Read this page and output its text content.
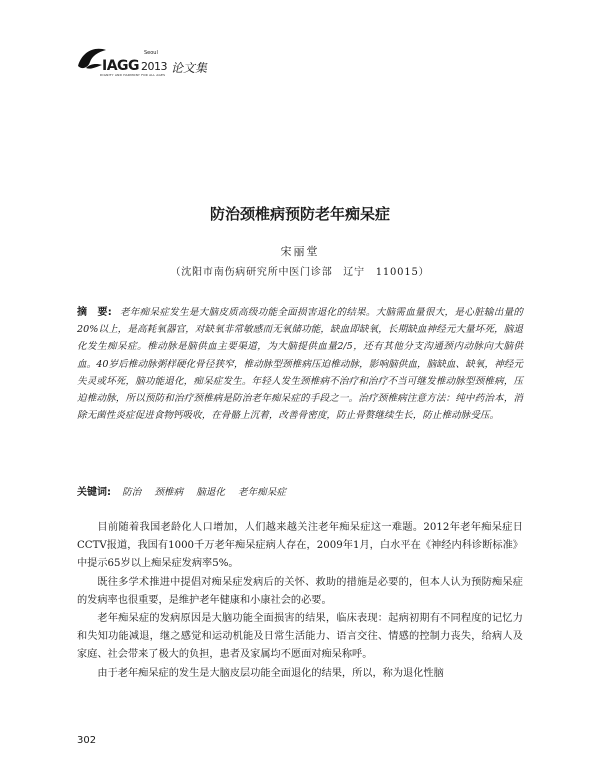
Seoul
IAGG 2013
DIGNITY AND HARMONY FOR ALL AGES 论文集
防治颈椎病预防老年痴呆症
宋丽堂
（沈阳市南伤病研究所中医门诊部　辽宁　110015）
摘　要: 老年痴呆症发生是大脑皮质高级功能全面损害退化的结果。大脑需血量很大，是心脏输出量的20%以上，是高耗氧器官，对缺氧非常敏感而无氧储功能，缺血即缺氧，长期缺血神经元大量坏死，脑退化发生痴呆症。椎动脉是脑供血主要渠道，为大脑提供血量2/5，还有其他分支沟通颈内动脉向大脑供血。40岁后椎动脉粥样硬化骨径狭窄，椎动脉型颈椎病压迫椎动脉，影响脑供血，脑缺血、缺氧，神经元失灵或坏死，脑功能退化，痴呆症发生。年轻人发生颈椎病不治疗和治疗不当可继发椎动脉型颈椎病，压迫椎动脉，所以预防和治疗颈椎病是防治老年痴呆症的手段之一。治疗颈椎病注意方法：纯中药治本，消除无菌性炎症促进食物钙吸收，在骨骼上沉着，改善骨密度，防止骨赘继续生长，防止椎动脉受压。
关键词: 防治 颈椎病 脑退化 老年痴呆症

目前随着我国老龄化人口增加，人们越来越关注老年痴呆症这一难题。2012年老年痴呆症日CCTV报道，我国有1000千万老年痴呆症病人存在，2009年1月，白水平在《神经内科诊断标准》中提示65岁以上痴呆症发病率5%。

既往多学术推进中提倡对痴呆症发病后的关怀、救助的措施是必要的，但本人认为预防痴呆症的发病率也很重要，是维护老年健康和小康社会的必要。

老年痴呆症的发病原因是大脑功能全面损害的结果，临床表现：起病初期有不同程度的记忆力和失知功能减退，继之感觉和运动机能及日常生活能力、语言交往、情感的控制力丧失，给病人及家庭、社会带来了极大的负担，患者及家属均不愿面对痴呆称呼。

由于老年痴呆症的发生是大脑皮层功能全面退化的结果，所以，称为退化性脑

302
